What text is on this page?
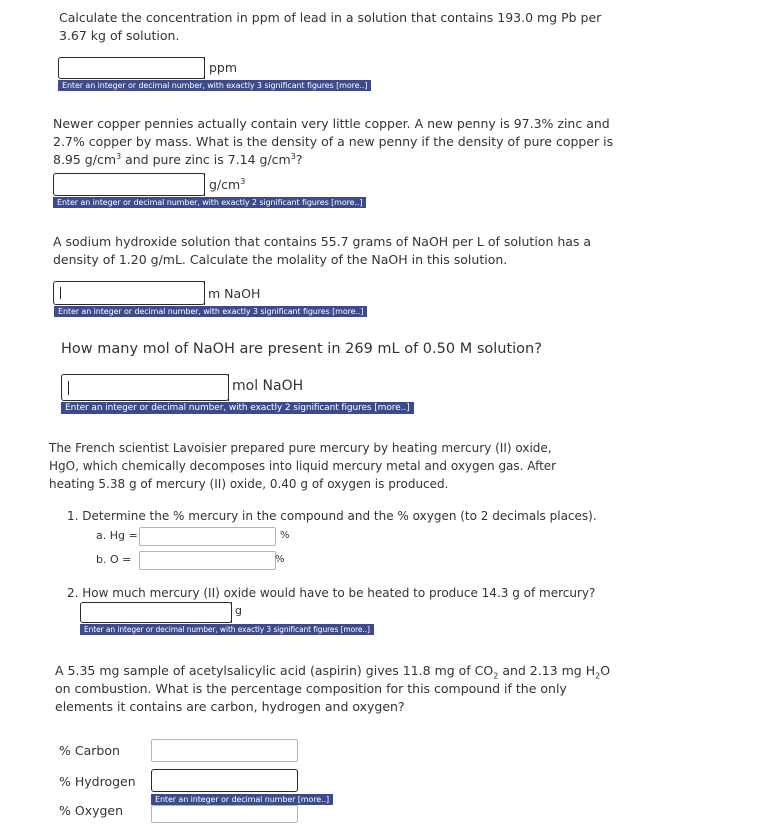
Calculate the concentration in ppm of lead in a solution that contains 193.0 mg Pb per 3.67 kg of solution.
ppm
Enter an integer or decimal number, with exactly 3 significant figures [more..]
Newer copper pennies actually contain very little copper. A new penny is 97.3% zinc and 2.7% copper by mass. What is the density of a new penny if the density of pure copper is 8.95 $g/cm^3$ and pure zinc is 7.14 $g/cm^3$?
$g/cm^3$
Enter an integer or decimal number, with exactly 2 significant figures [more..]
A sodium hydroxide solution that contains 55.7 grams of NaOH per L of solution has a density of 1.20 g/mL. Calculate the molality of the NaOH in this solution.
m NaOH
Enter an integer or decimal number, with exactly 3 significant figures [more..]
How many mol of NaOH are present in 269 mL of 0.50 M solution?
mol NaOH
Enter an integer or decimal number, with exactly 2 significant figures [more..]
The French scientist Lavoisier prepared pure mercury by heating mercury (II) oxide, HgO, which chemically decomposes into liquid mercury metal and oxygen gas. After heating 5.38 g of mercury (II) oxide, 0.40 g of oxygen is produced.
1. Determine the % mercury in the compound and the % oxygen (to 2 decimals places).
a. Hg =	%
b. O =	%
2. How much mercury (II) oxide would have to be heated to produce 14.3 g of mercury?
g
Enter an integer or decimal number, with exactly 3 significant figures [more..]
A 5.35 mg sample of acetylsalicylic acid (aspirin) gives 11.8 mg of $CO_2$ and 2.13 mg $H_2O$ on combustion. What is the percentage composition for this compound if the only elements it contains are carbon, hydrogen and oxygen?
% Carbon
% Hydrogen
Enter an integer or decimal number [more..]
% Oxygen
